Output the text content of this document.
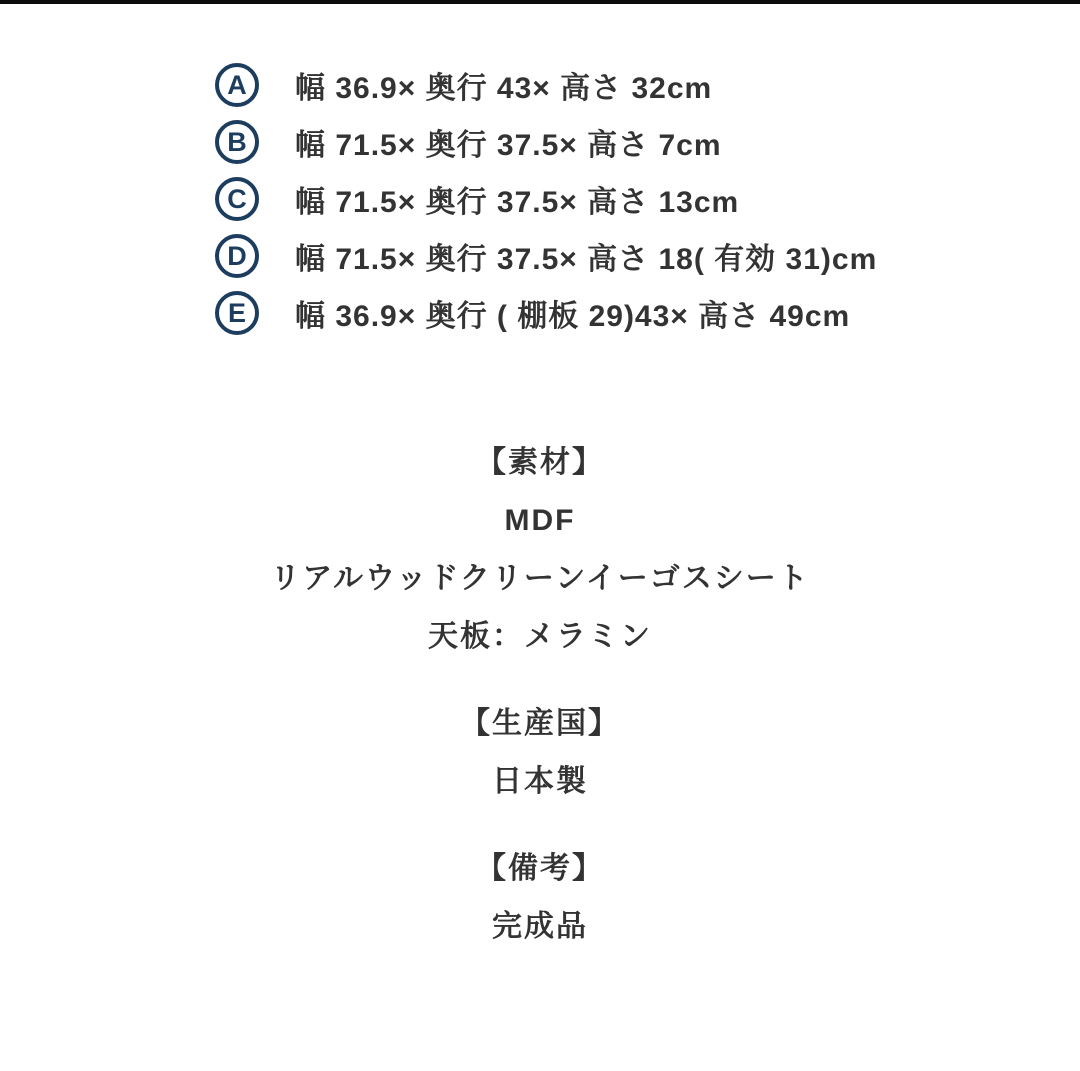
A	幅 36.9× 奥行 43× 高さ 32cm
B	幅 71.5× 奥行 37.5× 高さ 7cm
C	幅 71.5× 奥行 37.5× 高さ 13cm
D	幅 71.5× 奥行 37.5× 高さ 18( 有効 31)cm
E	幅 36.9× 奥行 ( 棚板 29)43× 高さ 49cm
【素材】
MDF
リアルウッドクリーンイーゴスシート
天板：メラミン
【生産国】
日本製
【備考】
完成品
